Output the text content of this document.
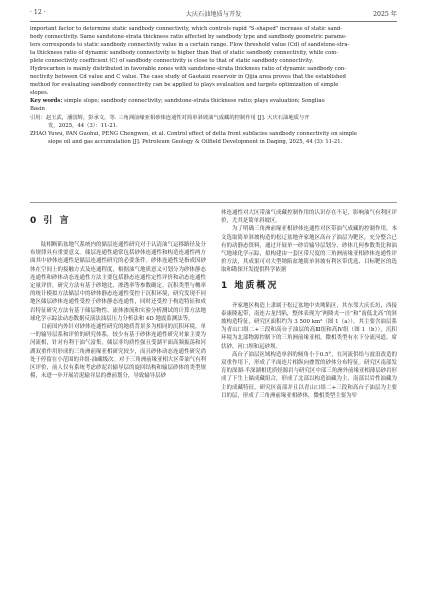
· 12 ·	大庆石油地质与开发	2025 年

important factor to determine static sandbody connectivity, which controls rapid "S-shaped" increase of static sand-

body connectivity. Same sandstone-strata thickness ratio affected by sandbody type and sandbody geometric parame-

ters corresponds to static sandbody connectivity value in a certain range. Flow threshold value (Cd) of sandstone-stra-

ta thickness ratio of dynamic sandbody connectivity is higher than that of static sandbody connectivity, while com-

plete connectivity coefficient (C) of sandbody connectivity is close to that of static sandbody connectivity.

Hydrocarbon is mainly distributed in favorable zones with sandstone-strata thickness ratio of dynamic sandbody con-

nectivity between Cd value and C value. The case study of Gaotaizi reservoir in Qijia area proves that the established

method for evaluating sandbody connectivity can be applied to plays evaluation and targets optimization of simple

slopes.

Key words: simple slope; sandbody connectivity; sandstone-strata thickness ratio; plays evaluation; Songliao

Basin

引用：赵玉武，潘国辉，彭承文，等. 三角洲前缘亚相砂体连通性对简单斜坡油气成藏的控制作用 [J]. 大庆石油地质与开

发，2025，44（3）：11-21.

ZHAO Yuwu, PAN Guohui, PENG Chengwen, et al. Control effect of delta front subfacies sandbody connectivity on simple

slope oil and gas accumulation [J]. Petroleum Geology & Oilfield Development in Daqing, 2025, 44 (3): 11-21.

0 引 言

陆相断陷盆地气系统内的储层连通性研究对于认清油气运移路径及分布规律具有重要意义。储层连通性通常包括砂体连通性和构造连通性两方面其中砂体连通性是储层连通性研究的必要条件。砂体连通性是指成因砂体在空间上的接触方式及连通程度，根据油气地质意义可划分为砂体静态连通性和砂体动态连通性方法主要包括静态连通性定性评价和动态连通性定量评价，研究方法有基于砂地比、渗透率等参数确定、沉积类型与概率的统计模拟方法储层中的砂体静态连通性受控于沉积环境，研究发现不同地区储层砂体连通性受控于砂体静态连通性，同时还受控于构造特征和成岩特征研究方法有基于储层物性、流体渗流和实验分析测试的计算方法地球化学示踪法动态数据反演法油层压力分析法和 4D 地震监测法等。

目前国内外针对砂体连通性研究的地质背景多为相同的沉积环境，单一的输导层系和评价的研究体系，较少有基于砂体连通性研究对象主要为河流相，针对有利于油气富集，储层非均质性强且受湖平面高频振荡和河湖双重作用形成的三角洲前缘亚相研究较少，而且砂体动态连通性研究尚处于停留在小范围的并组-油藏级次。对于三角洲前缘亚相大区带油气有利区评价，前人仅有系统考虑砂泥岩输导层的旋回结构和输层砂体的类型规模，未进一步开展岩泥输导层的叠前划分，导致输导层砂

体连通性对大区带油气成藏控制作用的认识存在不足，影响油气有利区评价，尤其是简单斜坡区。

为了明确三角洲前缘亚相砂体连通性对区带油气成藏的控制作用，本文选取简单斜坡构造的松辽盆地齐家地区高台子油层为靶区，充分整合已有的动静态资料，通过开展单一砂岩输导层划分、砂体几何参数类比和油气地球化学示踪，拟构建由一套区带尺度的三角洲前缘亚相砂体连通性评价方法，其成果可对大型坳陷盆地简单斜坡有利区带优选、目标靶区的选取和勘探开发提供科学依据

1 地质概况

齐家地区构造上隶属于松辽盆地中央坳陷区，其东邻大庆长垣，西接泰康隆起带，南连古龙凹陷，整体表现为“两隆夹一洼”和“南低北高”的斜坡构造特征，研究区面积约为 3 500 km²（图 1（a））。其主要含油层系为青山口组二+三段和高台子油层的高Ⅲ组和高Ⅳ组（图 1（b）），沉积环境为北部物源控制下的三角洲前缘亚相，微相类型有水下分流河道、席状砂、河口坝和远砂坝。

高台子油层区域构造单斜的倾角小于0.5°，在河流供给与波浪改造的双重作用下，形成了平面连片相纵向叠置的砂体分布特征。研究区南部发育的深湖-半深湖相优质烃源岩与研究区中部三角洲外前缘亚相薄层砂岩形成了下生上储成藏组合，形成了北部以构造油藏为主、南部以岩性油藏为主的成藏特征，研究区南部并且以青山口组二+三段和高台子油层为主要目的层，形成了三角洲前缘亚相砂体，微相类型主要为窄
